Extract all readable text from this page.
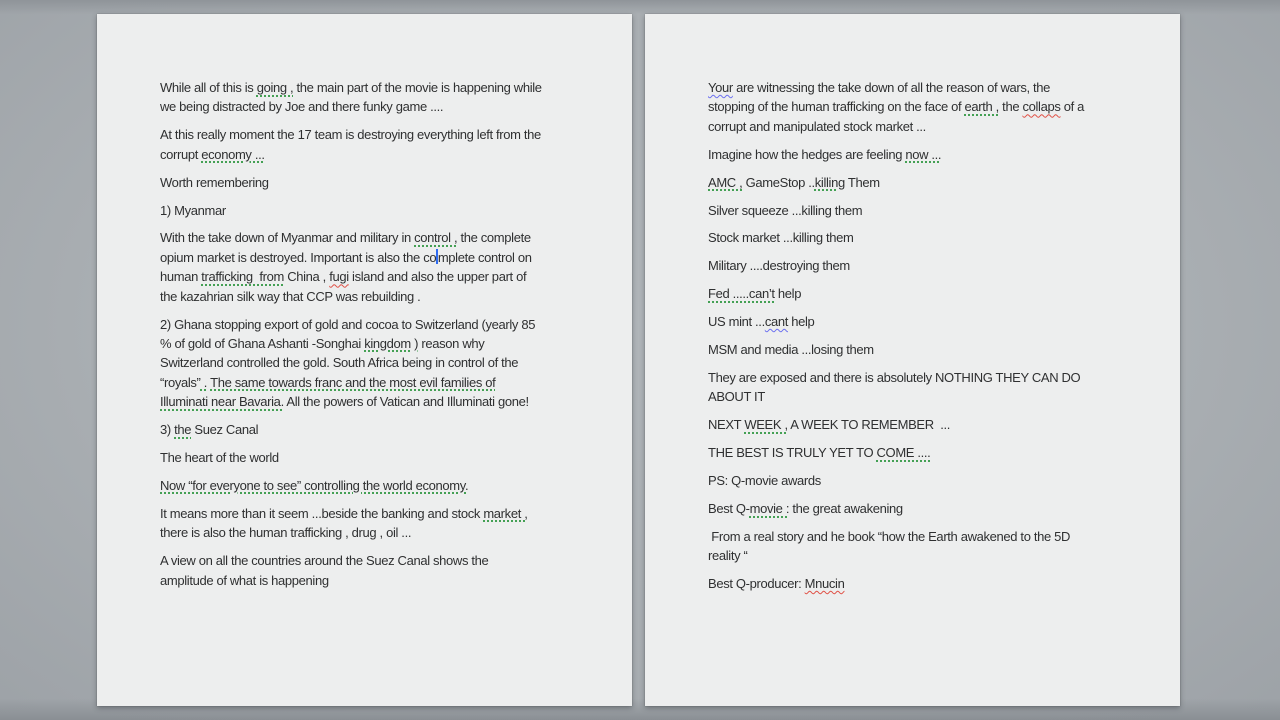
While all of this is going , the main part of the movie is happening while
we being distracted by Joe and there funky game ....
At this really moment the 17 team is destroying everything left from the
corrupt economy ...
Worth remembering
1) Myanmar
With the take down of Myanmar and military in control , the complete
opium market is destroyed. Important is also the co mplete control on
human trafficking  from China , fugi island and also the upper part of
the kazahrian silk way that CCP was rebuilding .
2) Ghana stopping export of gold and cocoa to Switzerland (yearly 85
% of gold of Ghana Ashanti -Songhai kingdom ) reason why
Switzerland controlled the gold. South Africa being in control of the
“royals” . The same towards franc and the most evil families of
Illuminati near Bavaria. All the powers of Vatican and Illuminati gone!
3) the Suez Canal
The heart of the world
Now “for everyone to see” controlling the world economy.
It means more than it seem ...beside the banking and stock market ,
there is also the human trafficking , drug , oil ...
A view on all the countries around the Suez Canal shows the
amplitude of what is happening
Your are witnessing the take down of all the reason of wars, the
stopping of the human trafficking on the face of earth , the collaps of a
corrupt and manipulated stock market ...
Imagine how the hedges are feeling now ...
AMC , GameStop ..killing Them
Silver squeeze ...killing them
Stock market ...killing them
Military ....destroying them
Fed .....can’t help
US mint ...cant help
MSM and media ...losing them
They are exposed and there is absolutely NOTHING THEY CAN DO
ABOUT IT
NEXT WEEK , A WEEK TO REMEMBER  ...
THE BEST IS TRULY YET TO COME ....
PS: Q-movie awards
Best Q-movie : the great awakening
From a real story and he book “how the Earth awakened to the 5D
reality “
Best Q-producer: Mnucin
